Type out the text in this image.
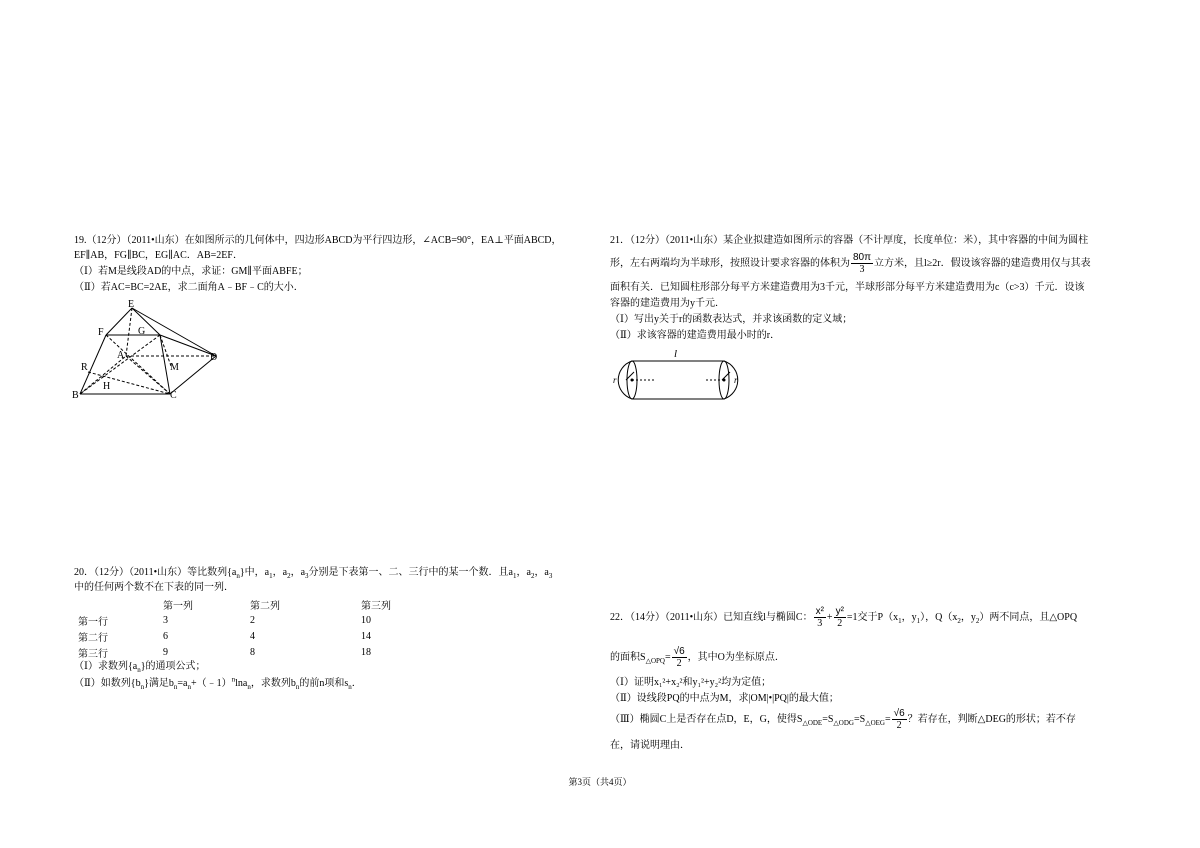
19.（12分）（2011•山东）在如图所示的几何体中，四边形ABCD为平行四边形，∠ACB=90°，EA⊥平面ABCD，
EF∥AB，FG∥BC，EG∥AC．AB=2EF．
（Ⅰ）若M是线段AD的中点，求证：GM∥平面ABFE；
（Ⅱ）若AC=BC=2AE，求二面角A﹣BF﹣C的大小．
E
F	G
A	D
M
R
H
B	C
20．（12分）（2011•山东）等比数列$\{a_n\}$中，$a_1$，$a_2$，$a_3$分别是下表第一、二、三行中的某一个数．且$a_1$，$a_2$，$a_3$
中的任何两个数不在下表的同一列．
	第一列	第二列	第三列
第一行	3	2	10
第二行	6	4	14
第三行	9	8	18
（Ⅰ）求数列$\{a_n\}$的通项公式；
（Ⅱ）如数列$\{b_n\}$满足$b_n=a_n+(﹣1)^n\ln a_n$，求数列$b_n$的前n项和$s_n$．
21．（12分）（2011•山东）某企业拟建造如图所示的容器（不计厚度，长度单位：米），其中容器的中间为圆柱
形，左右两端均为半球形，按照设计要求容器的体积为 $\frac{80\pi}{3}$ 立方米，且l≥2r．假设该容器的建造费用仅与其表
面积有关．已知圆柱形部分每平方米建造费用为3千元，半球形部分每平方米建造费用为c（c>3）千元．设该
容器的建造费用为y千元．
（Ⅰ）写出y关于r的函数表达式，并求该函数的定义域；
（Ⅱ）求该容器的建造费用最小时的r．
l
r	r
22．（14分）（2011•山东）已知直线l与椭圆C： $\frac{\text{x²}}{3} + \frac{\text{y²}}{2} =1$交于$P(x_1$，$y_1$），$Q(x_2$，$y_2$）两不同点，且△OPQ
的面积$S_{\triangle OPQ}= \frac{√6}{2}$ ，其中O为坐标原点．
（Ⅰ）证明x₁²+x₂²和y₁²+y₂²均为定值；
（Ⅱ）设线段PQ的中点为M，求|OM|•|PQ|的最大值；
（Ⅲ）椭圆C上是否存在点D，E，G，使得$S_{\triangle ODE}=S_{\triangle ODG}=S_{\triangle OEG}= \frac{√6}{2}$ ？若存在，判断△DEG的形状；若不存
在，请说明理由．
第3页（共4页）
